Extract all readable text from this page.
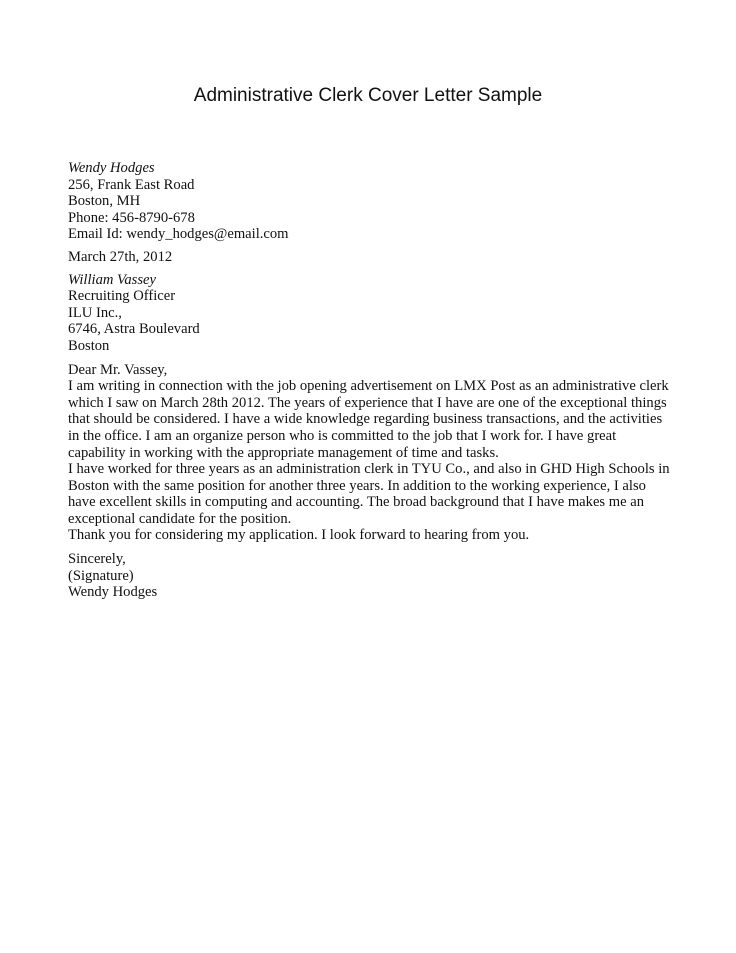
Administrative Clerk Cover Letter Sample
Wendy Hodges
256, Frank East Road
Boston, MH
Phone: 456-8790-678
Email Id: wendy_hodges@email.com
March 27th, 2012
William Vassey
Recruiting Officer
ILU Inc.,
6746, Astra Boulevard
Boston
Dear Mr. Vassey,
I am writing in connection with the job opening advertisement on LMX Post as an administrative clerk
which I saw on March 28th 2012. The years of experience that I have are one of the exceptional things
that should be considered. I have a wide knowledge regarding business transactions, and the activities
in the office. I am an organize person who is committed to the job that I work for. I have great
capability in working with the appropriate management of time and tasks.
I have worked for three years as an administration clerk in TYU Co., and also in GHD High Schools in
Boston with the same position for another three years. In addition to the working experience, I also
have excellent skills in computing and accounting. The broad background that I have makes me an
exceptional candidate for the position.
Thank you for considering my application. I look forward to hearing from you.
Sincerely,
(Signature)
Wendy Hodges
